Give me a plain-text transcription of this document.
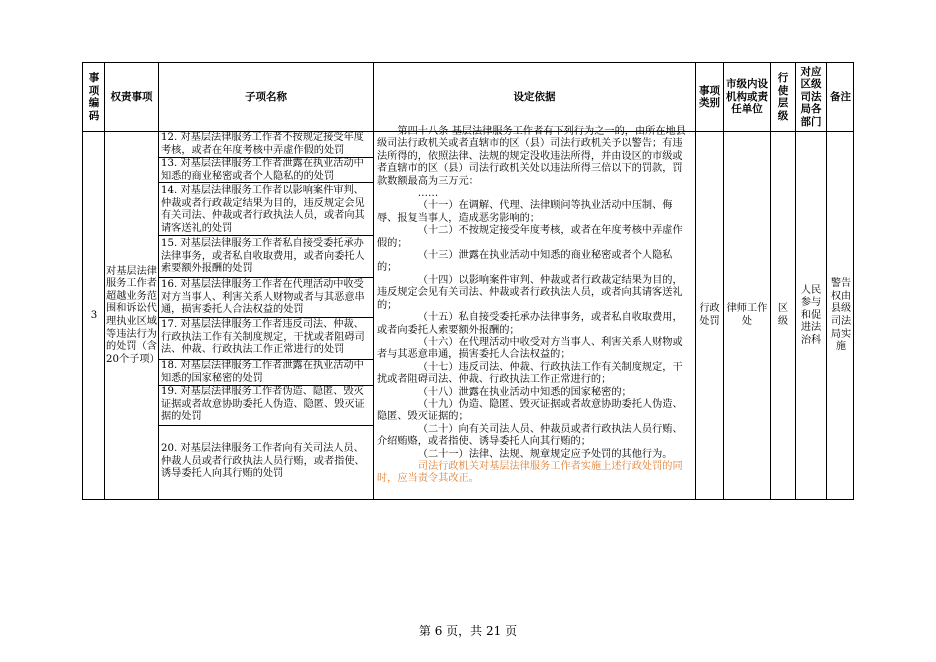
事项编码
权责事项	子项名称	设定依据
事项类别
市级内设机构或责任单位
行使层级
对应区级司法局各部门
备注
3
对基层法律服务工作者超越业务范围和诉讼代理执业区域等违法行为的处罚（含20个子项）
12. 对基层法律服务工作者不按规定接受年度考核，或者在年度考核中弄虚作假的处罚
13. 对基层法律服务工作者泄露在执业活动中知悉的商业秘密或者个人隐私的的处罚
14. 对基层法律服务工作者以影响案件审判、仲裁或者行政裁定结果为目的，违反规定会见有关司法、仲裁或者行政执法人员，或者向其请客送礼的处罚
15. 对基层法律服务工作者私自接受委托承办法律事务，或者私自收取费用，或者向委托人索要额外报酬的处罚
16. 对基层法律服务工作者在代理活动中收受对方当事人、利害关系人财物或者与其恶意串通，损害委托人合法权益的处罚
17. 对基层法律服务工作者违反司法、仲裁、行政执法工作有关制度规定，干扰或者阻碍司法、仲裁、行政执法工作正常进行的处罚
18. 对基层法律服务工作者泄露在执业活动中知悉的国家秘密的处罚
19. 对基层法律服务工作者伪造、隐匿、毁灭证据或者故意协助委托人伪造、隐匿、毁灭证据的处罚
20. 对基层法律服务工作者向有关司法人员、仲裁人员或者行政执法人员行贿，或者指使、诱导委托人向其行贿的处罚

第四十八条 基层法律服务工作者有下列行为之一的，由所在地县级司法行政机关或者直辖市的区（县）司法行政机关予以警告；有违法所得的，依照法律、法规的规定没收违法所得，并由设区的市级或者直辖市的区（县）司法行政机关处以违法所得三倍以下的罚款，罚款数额最高为三万元：

……

（十一）在调解、代理、法律顾问等执业活动中压制、侮辱、报复当事人，造成恶劣影响的；

（十二）不按规定接受年度考核，或者在年度考核中弄虚作假的；

（十三）泄露在执业活动中知悉的商业秘密或者个人隐私的；

（十四）以影响案件审判、仲裁或者行政裁定结果为目的，违反规定会见有关司法、仲裁或者行政执法人员，或者向其请客送礼的；

（十五）私自接受委托承办法律事务，或者私自收取费用，或者向委托人索要额外报酬的；

（十六）在代理活动中收受对方当事人、利害关系人财物或者与其恶意串通，损害委托人合法权益的；

（十七）违反司法、仲裁、行政执法工作有关制度规定，干扰或者阻碍司法、仲裁、行政执法工作正常进行的；

（十八）泄露在执业活动中知悉的国家秘密的；

（十九）伪造、隐匿、毁灭证据或者故意协助委托人伪造、隐匿、毁灭证据的；

（二十）向有关司法人员、仲裁员或者行政执法人员行贿、介绍贿赂，或者指使、诱导委托人向其行贿的；

（二十一）法律、法规、规章规定应予处罚的其他行为。

司法行政机关对基层法律服务工作者实施上述行政处罚的同时，应当责令其改正。

行政处罚
律师工作处
区级
人民参与和促进法治科
警告权由县级司法局实施
第 6 页，共 21 页
